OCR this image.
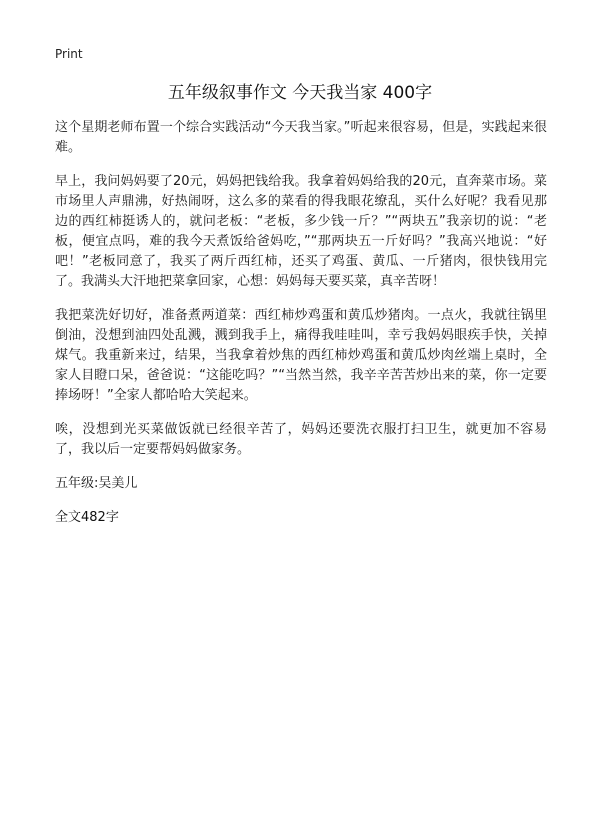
Print
五年级叙事作文 今天我当家 400字

这个星期老师布置一个综合实践活动“今天我当家。”听起来很容易，但是，实践起来很难。

早上，我问妈妈要了20元，妈妈把钱给我。我拿着妈妈给我的20元，直奔菜市场。菜市场里人声鼎沸，好热闹呀，这么多的菜看的得我眼花缭乱，买什么好呢？我看见那边的西红柿挺诱人的，就问老板：“老板，多少钱一斤？”“两块五”我亲切的说：“老板，便宜点吗，难的我今天煮饭给爸妈吃，”“那两块五一斤好吗？”我高兴地说：“好吧！”老板同意了，我买了两斤西红柿，还买了鸡蛋、黄瓜、一斤猪肉，很快钱用完了。我满头大汗地把菜拿回家，心想：妈妈每天要买菜，真辛苦呀！

我把菜洗好切好，准备煮两道菜：西红柿炒鸡蛋和黄瓜炒猪肉。一点火，我就往锅里倒油，没想到油四处乱溅，溅到我手上，痛得我哇哇叫，幸亏我妈妈眼疾手快，关掉煤气。我重新来过，结果，当我拿着炒焦的西红柿炒鸡蛋和黄瓜炒肉丝端上桌时，全家人目瞪口呆，爸爸说：“这能吃吗？”“当然当然，我辛辛苦苦炒出来的菜，你一定要捧场呀！”全家人都哈哈大笑起来。

唉，没想到光买菜做饭就已经很辛苦了，妈妈还要洗衣服打扫卫生，就更加不容易了，我以后一定要帮妈妈做家务。

五年级:吴美儿

全文482字
